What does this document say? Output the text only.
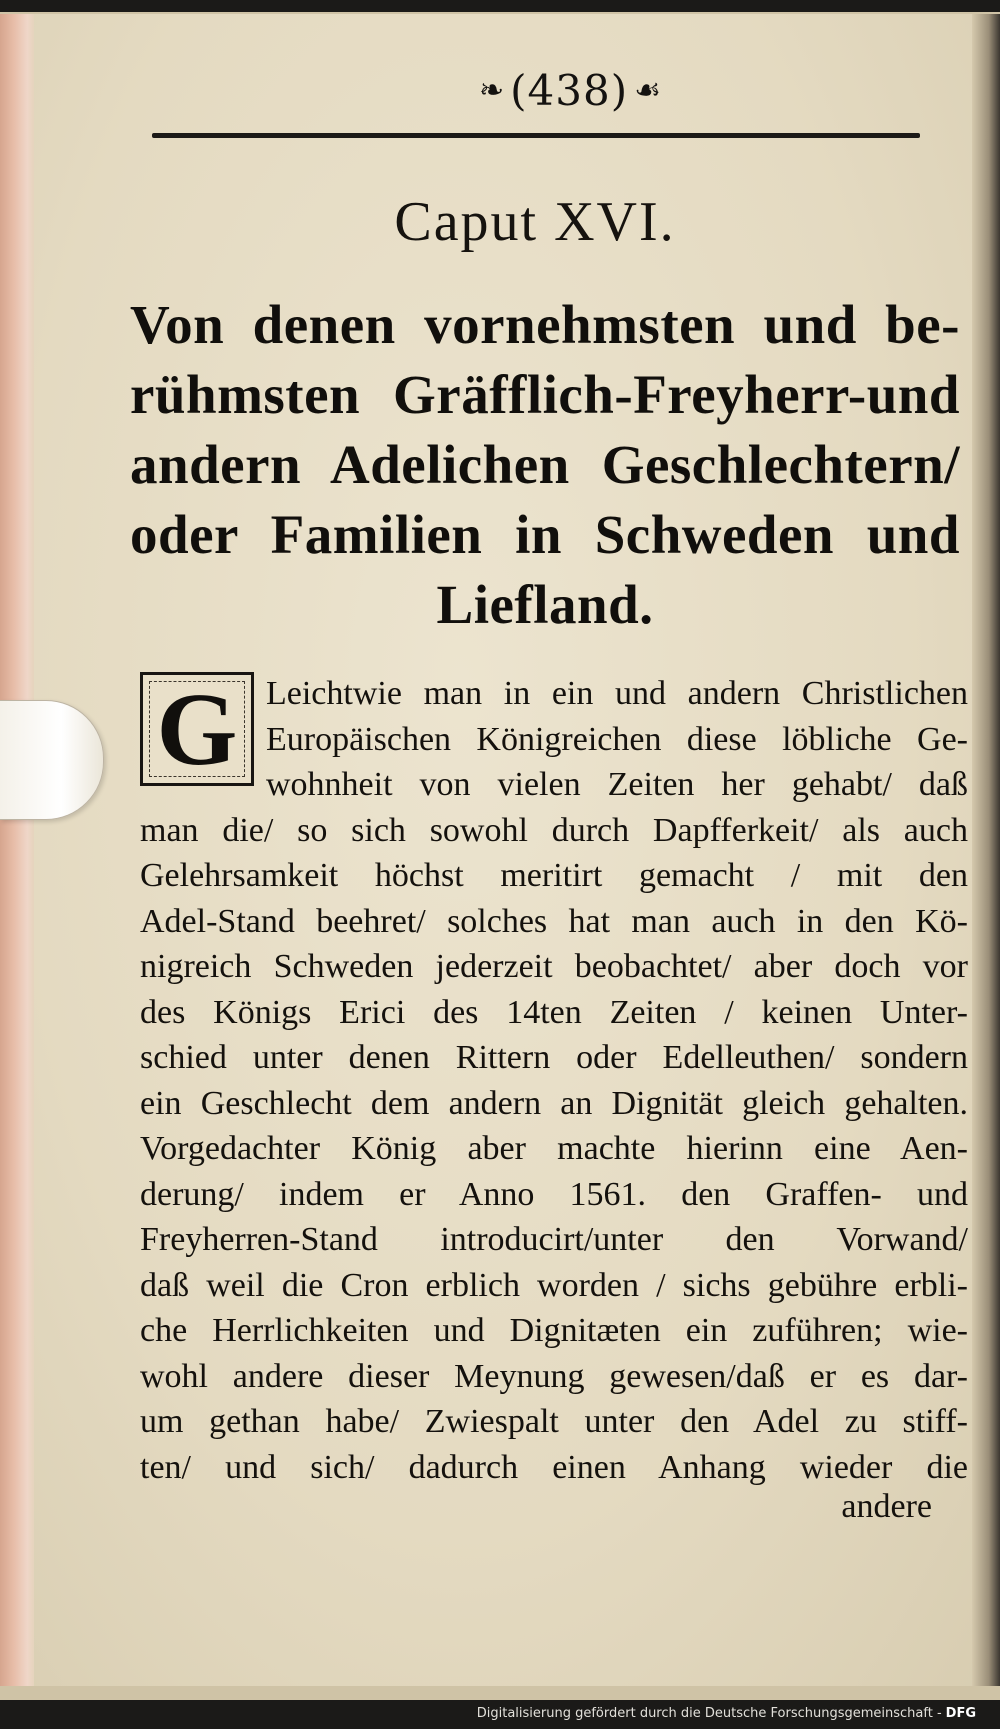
❧ (438) ☙
Caput XVI.
Von denen vornehmsten und be-
rühmsten Gräfflich-Freyherr-und
andern Adelichen Geschlechtern/
oder Familien in Schweden und
Liefland.
G Leichtwie man in ein und andern Christlichen
Europäischen Königreichen diese löbliche Ge-
wohnheit von vielen Zeiten her gehabt/ daß
man die/ so sich sowohl durch Dapfferkeit/ als auch
Gelehrsamkeit höchst meritirt gemacht / mit den
Adel-Stand beehret/ solches hat man auch in den Kö-
nigreich Schweden jederzeit beobachtet/ aber doch vor
des Königs Erici des 14ten Zeiten / keinen Unter-
schied unter denen Rittern oder Edelleuthen/ sondern
ein Geschlecht dem andern an Dignität gleich gehalten.
Vorgedachter König aber machte hierinn eine Aen-
derung/ indem er Anno 1561. den Graffen- und
Freyherren-Stand introducirt/unter den Vorwand/
daß weil die Cron erblich worden / sichs gebühre erbli-
che Herrlichkeiten und Dignitæten ein zuführen; wie-
wohl andere dieser Meynung gewesen/daß er es dar-
um gethan habe/ Zwiespalt unter den Adel zu stiff-
ten/ und sich/ dadurch einen Anhang wieder die
andere
Digitalisierung gefördert durch die Deutsche Forschungsgemeinschaft - DFG
